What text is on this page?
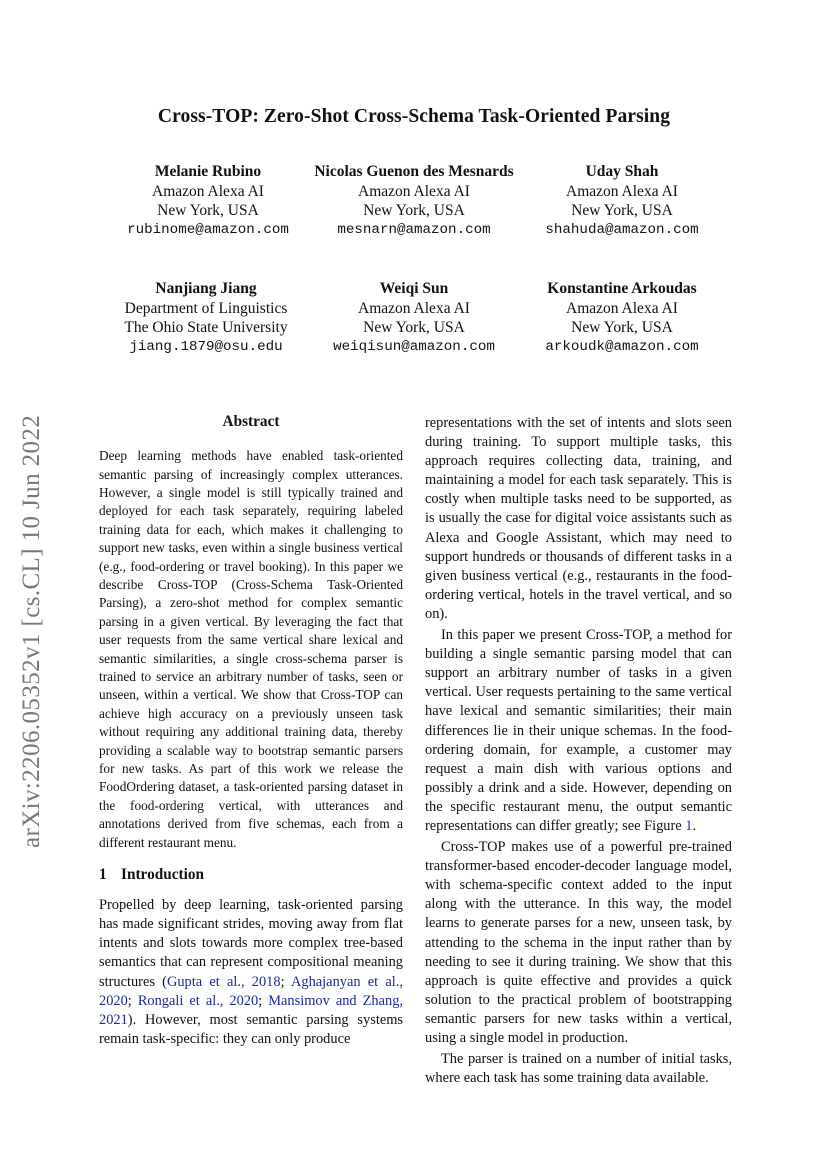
Cross-TOP: Zero-Shot Cross-Schema Task-Oriented Parsing
Melanie Rubino
Amazon Alexa AI
New York, USA
rubinome@amazon.com
Nicolas Guenon des Mesnards
Amazon Alexa AI
New York, USA
mesnarn@amazon.com
Uday Shah
Amazon Alexa AI
New York, USA
shahuda@amazon.com
Nanjiang Jiang
Department of Linguistics
The Ohio State University
jiang.1879@osu.edu
Weiqi Sun
Amazon Alexa AI
New York, USA
weiqisun@amazon.com
Konstantine Arkoudas
Amazon Alexa AI
New York, USA
arkoudk@amazon.com
arXiv:2206.05352v1 [cs.CL] 10 Jun 2022	Abstract

Deep learning methods have enabled task-oriented semantic parsing of increasingly complex utterances. However, a single model is still typically trained and deployed for each task separately, requiring labeled training data for each, which makes it challenging to support new tasks, even within a single business vertical (e.g., food-ordering or travel booking). In this paper we describe Cross-TOP (Cross-Schema Task-Oriented Parsing), a zero-shot method for complex semantic parsing in a given vertical. By leveraging the fact that user requests from the same vertical share lexical and semantic similarities, a single cross-schema parser is trained to service an arbitrary number of tasks, seen or unseen, within a vertical. We show that Cross-TOP can achieve high accuracy on a previously unseen task without requiring any additional training data, thereby providing a scalable way to bootstrap semantic parsers for new tasks. As part of this work we release the FoodOrdering dataset, a task-oriented parsing dataset in the food-ordering vertical, with utterances and annotations derived from five schemas, each from a different restaurant menu.

1 Introduction

Propelled by deep learning, task-oriented parsing has made significant strides, moving away from flat intents and slots towards more complex tree-based semantics that can represent compositional meaning structures (Gupta et al., 2018; Aghajanyan et al., 2020; Rongali et al., 2020; Mansimov and Zhang, 2021). However, most semantic parsing systems remain task-specific: they can only produce

representations with the set of intents and slots seen during training. To support multiple tasks, this approach requires collecting data, training, and maintaining a model for each task separately. This is costly when multiple tasks need to be supported, as is usually the case for digital voice assistants such as Alexa and Google Assistant, which may need to support hundreds or thousands of different tasks in a given business vertical (e.g., restaurants in the food-ordering vertical, hotels in the travel vertical, and so on).

In this paper we present Cross-TOP, a method for building a single semantic parsing model that can support an arbitrary number of tasks in a given vertical. User requests pertaining to the same vertical have lexical and semantic similarities; their main differences lie in their unique schemas. In the food-ordering domain, for example, a customer may request a main dish with various options and possibly a drink and a side. However, depending on the specific restaurant menu, the output semantic representations can differ greatly; see Figure 1.

Cross-TOP makes use of a powerful pre-trained transformer-based encoder-decoder language model, with schema-specific context added to the input along with the utterance. In this way, the model learns to generate parses for a new, unseen task, by attending to the schema in the input rather than by needing to see it during training. We show that this approach is quite effective and provides a quick solution to the practical problem of bootstrapping semantic parsers for new tasks within a vertical, using a single model in production.

The parser is trained on a number of initial tasks, where each task has some training data available.
